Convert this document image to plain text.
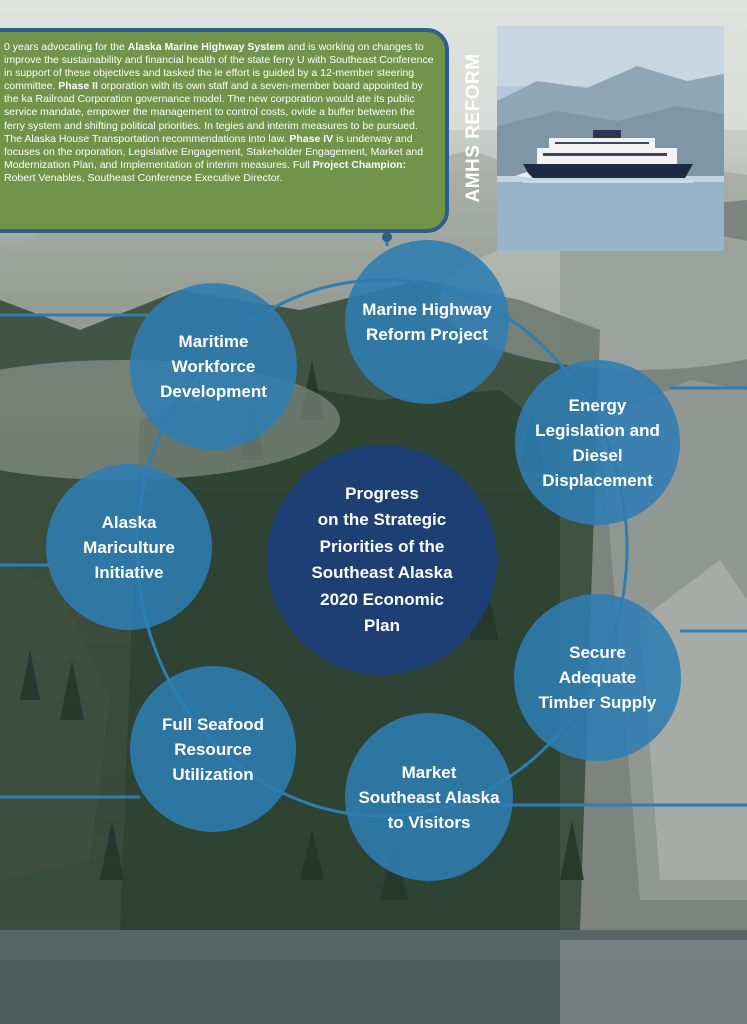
0 years advocating for the Alaska Marine Highway System and is working on changes to improve the sustainability and financial health of the state ferry U with Southeast Conference in support of these objectives and tasked the le effort is guided by a 12-member steering committee. Phase II orporation with its own staff and a seven-member board appointed by the ka Railroad Corporation governance model. The new corporation would ate its public service mandate, empower the management to control costs, ovide a buffer between the ferry system and shifting political priorities. In tegies and interim measures to be pursued. The Alaska House Transportation recommendations into law. Phase IV is underway and focuses on the orporation, Legislative Engagement, Stakeholder Engagement, Market and Modernization Plan, and Implementation of interim measures. Full Project Champion: Robert Venables, Southeast Conference Executive Director.	AMHS REFORM
Marine Highway
Reform Project
Energy
Legislation and
Diesel
Displacement
Secure
Adequate
Timber Supply
Market
Southeast Alaska
to Visitors
Full Seafood
Resource
Utilization
Alaska
Mariculture
Initiative
Maritime
Workforce
Development
Progress
on the Strategic
Priorities of the
Southeast Alaska
2020 Economic
Plan
